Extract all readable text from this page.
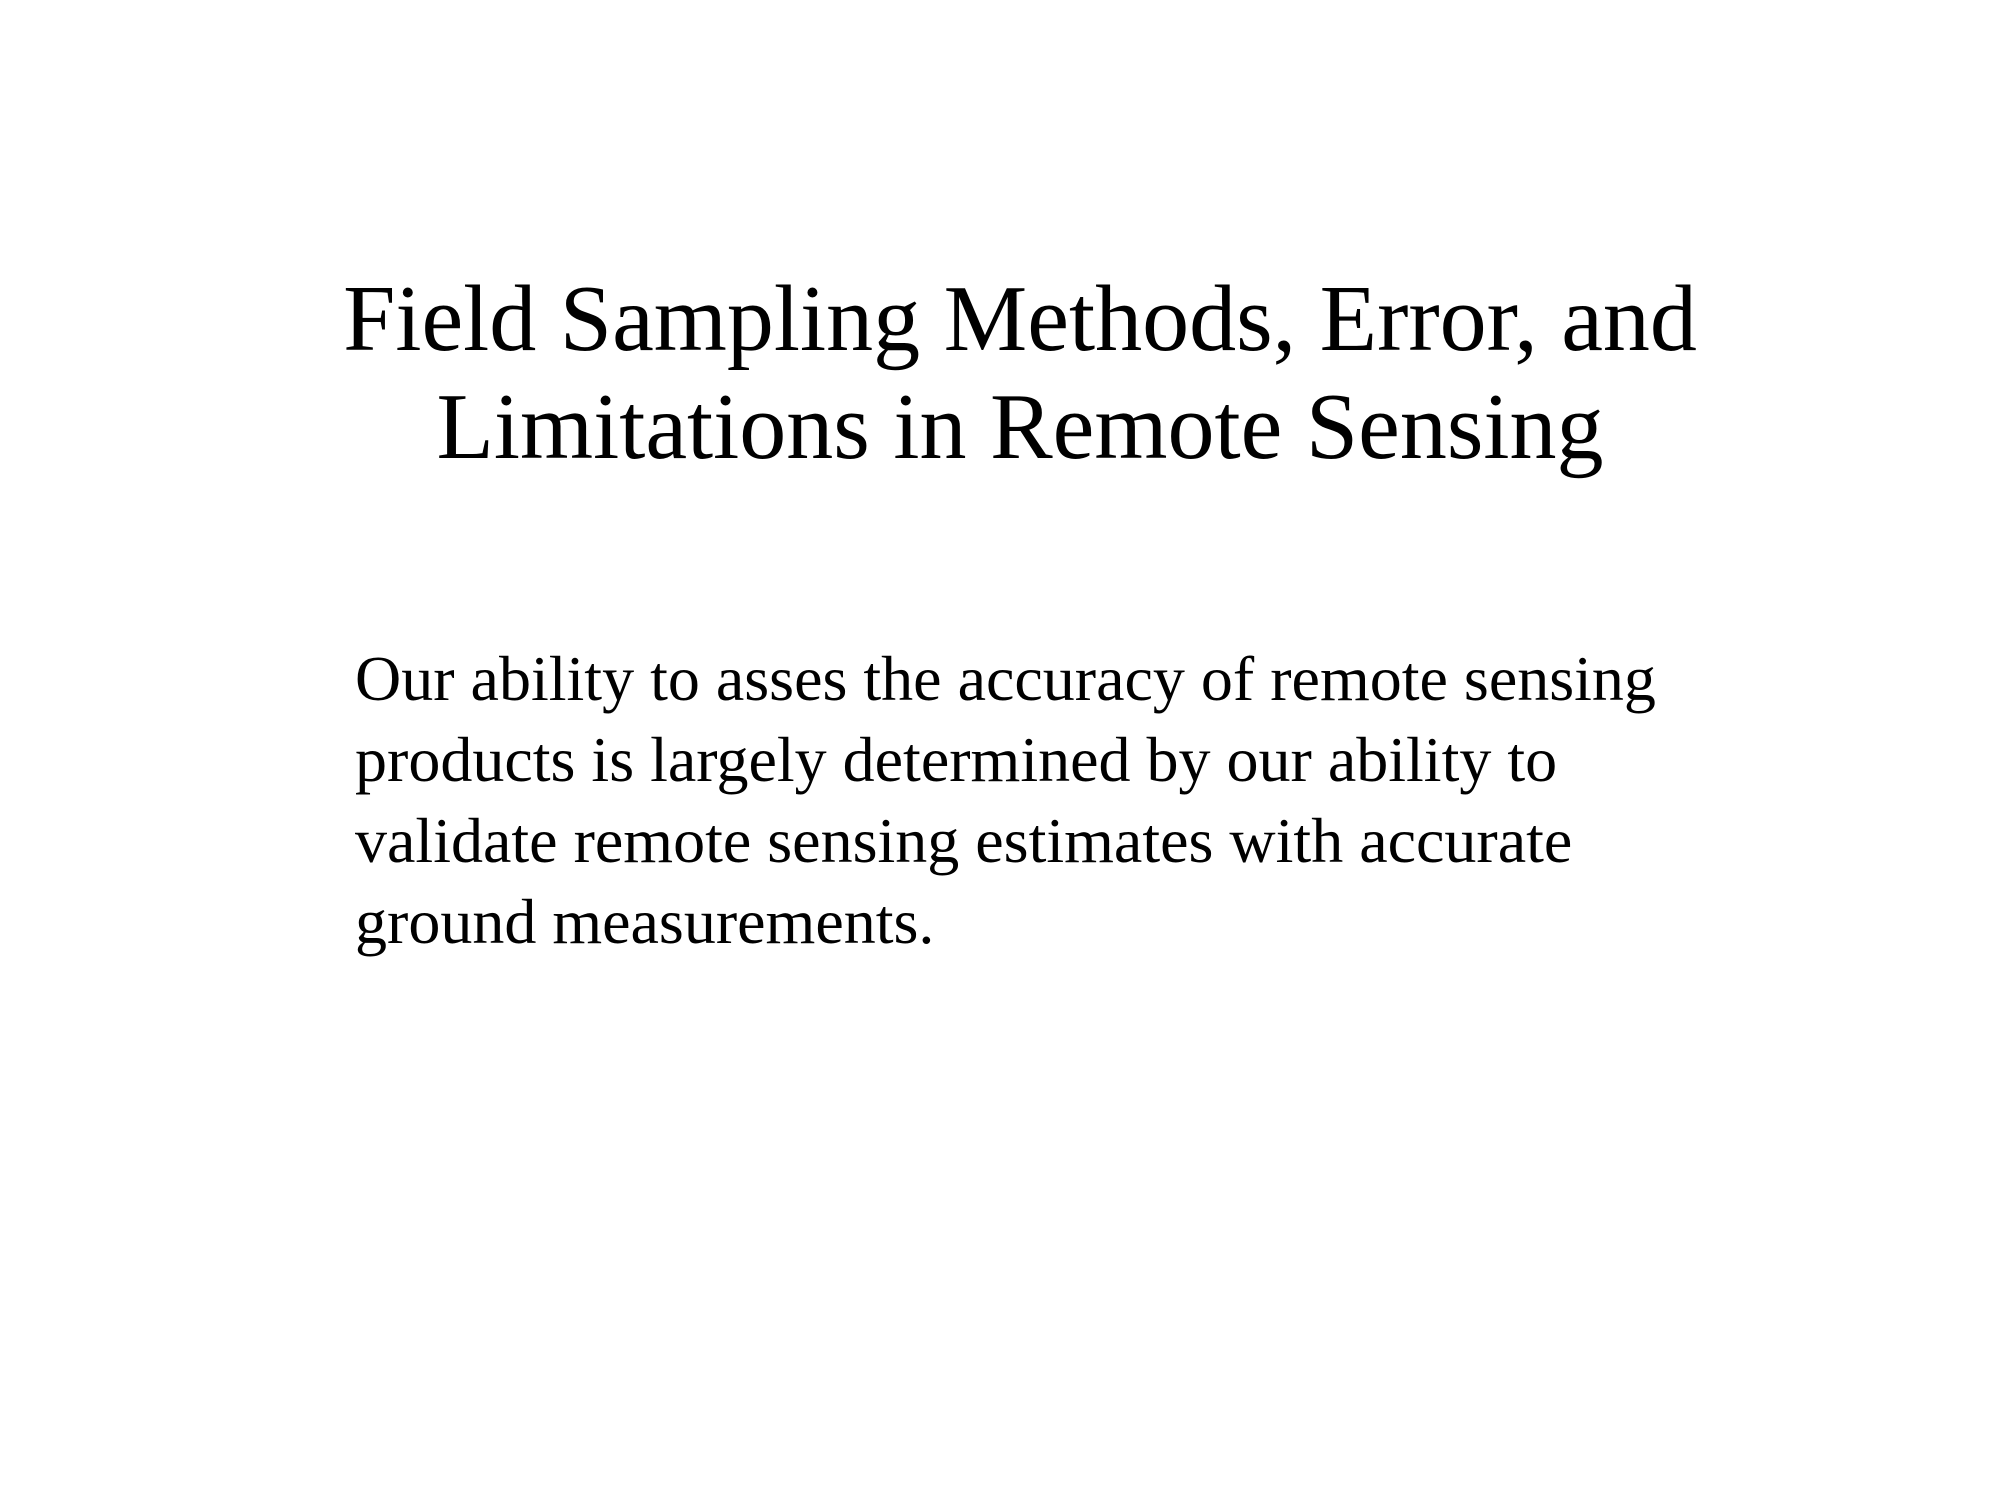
Field Sampling Methods, Error, and
Limitations in Remote Sensing

Our ability to asses the accuracy of remote sensing
products is largely determined by our ability to
validate remote sensing estimates with accurate
ground measurements.
